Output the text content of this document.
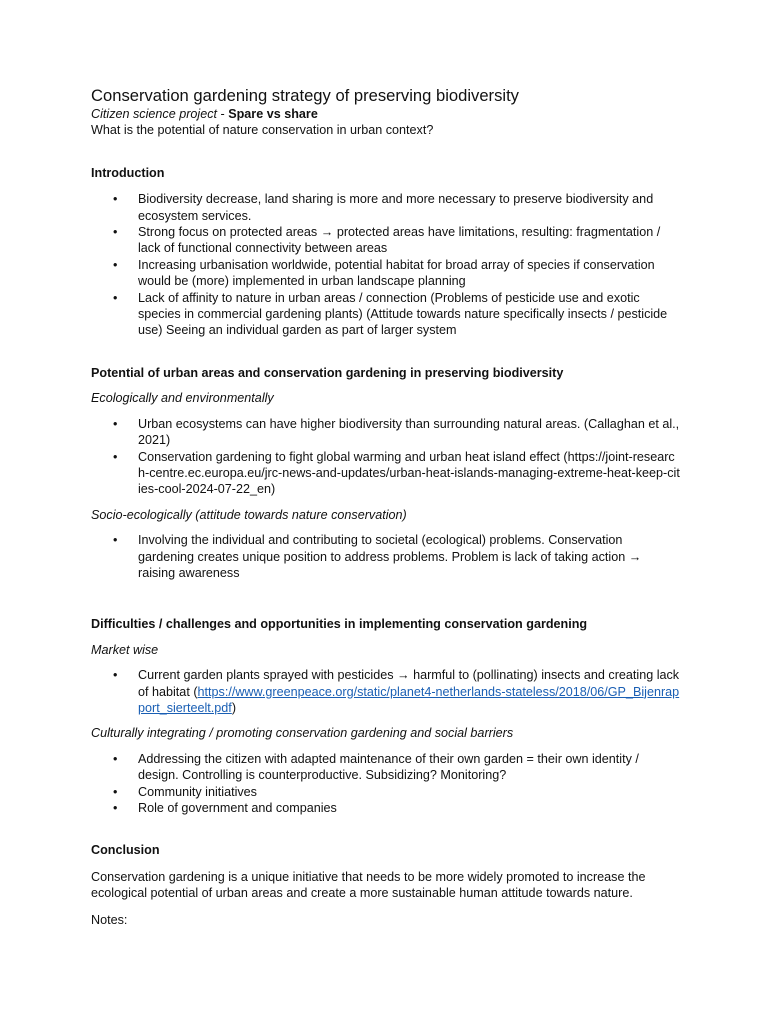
Conservation gardening strategy of preserving biodiversity

Citizen science project - Spare vs share

What is the potential of nature conservation in urban context?

Introduction
• Biodiversity decrease, land sharing is more and more necessary to preserve biodiversity and ecosystem services.
• Strong focus on protected areas → protected areas have limitations, resulting: fragmentation / lack of functional connectivity between areas
• Increasing urbanisation worldwide, potential habitat for broad array of species if conservation would be (more) implemented in urban landscape planning
• Lack of affinity to nature in urban areas / connection (Problems of pesticide use and exotic species in commercial gardening plants) (Attitude towards nature specifically insects / pesticide use) Seeing an individual garden as part of larger system
Potential of urban areas and conservation gardening in preserving biodiversity

Ecologically and environmentally

• Urban ecosystems can have higher biodiversity than surrounding natural areas. (Callaghan et al., 2021)
• Conservation gardening to fight global warming and urban heat island effect (https://joint-research-centre.ec.europa.eu/jrc-news-and-updates/urban-heat-islands-managing-extreme-heat-keep-cities-cool-2024-07-22_en)

Socio-ecologically (attitude towards nature conservation)

• Involving the individual and contributing to societal (ecological) problems. Conservation gardening creates unique position to address problems. Problem is lack of taking action → raising awareness
Difficulties / challenges and opportunities in implementing conservation gardening

Market wise

• Current garden plants sprayed with pesticides → harmful to (pollinating) insects and creating lack of habitat (https://www.greenpeace.org/static/planet4-netherlands-stateless/2018/06/GP_Bijenrapport_sierteelt.pdf)

Culturally integrating / promoting conservation gardening and social barriers

• Addressing the citizen with adapted maintenance of their own garden = their own identity / design. Controlling is counterproductive. Subsidizing? Monitoring?
• Community initiatives
• Role of government and companies
Conclusion

Conservation gardening is a unique initiative that needs to be more widely promoted to increase the ecological potential of urban areas and create a more sustainable human attitude towards nature.

Notes:
